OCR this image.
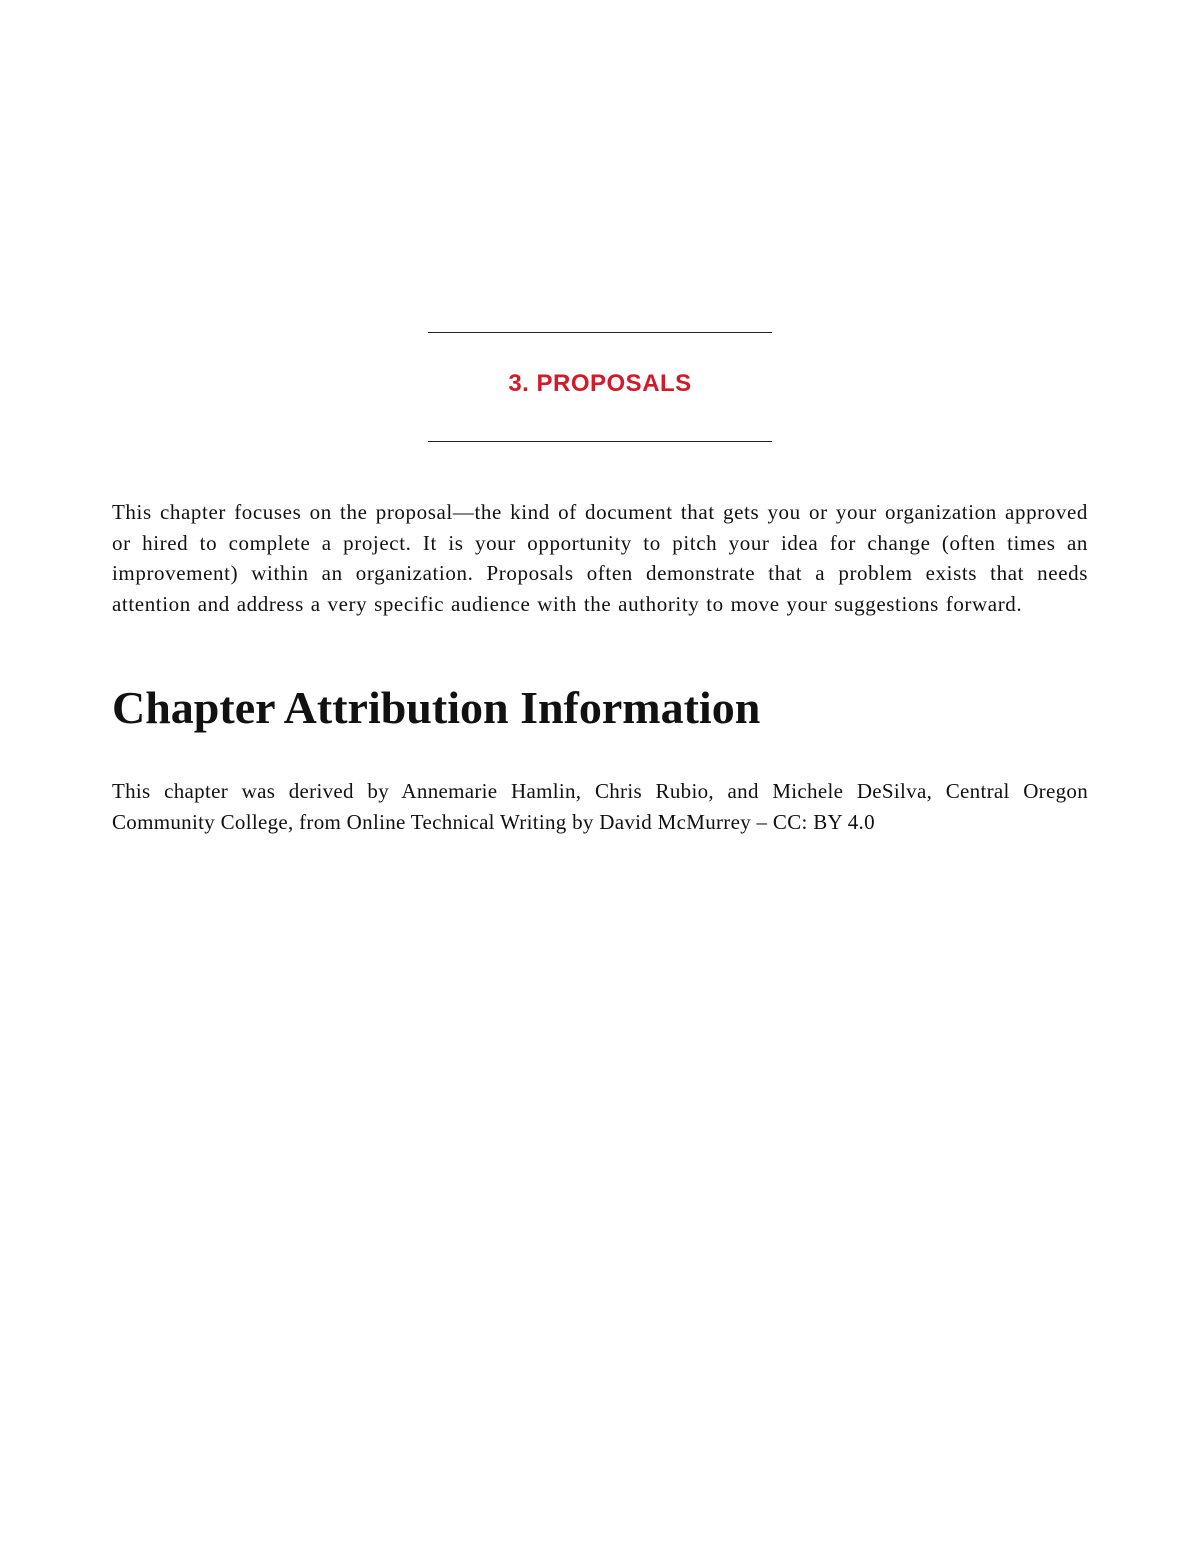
3. PROPOSALS

This chapter focuses on the proposal—the kind of document that gets you or your organization approved or hired to complete a project. It is your opportunity to pitch your idea for change (often times an improvement) within an organization. Proposals often demonstrate that a problem exists that needs attention and address a very specific audience with the authority to move your suggestions forward.

Chapter Attribution Information

This chapter was derived by Annemarie Hamlin, Chris Rubio, and Michele DeSilva, Central Oregon Community College, from Online Technical Writing by David McMurrey – CC: BY 4.0
